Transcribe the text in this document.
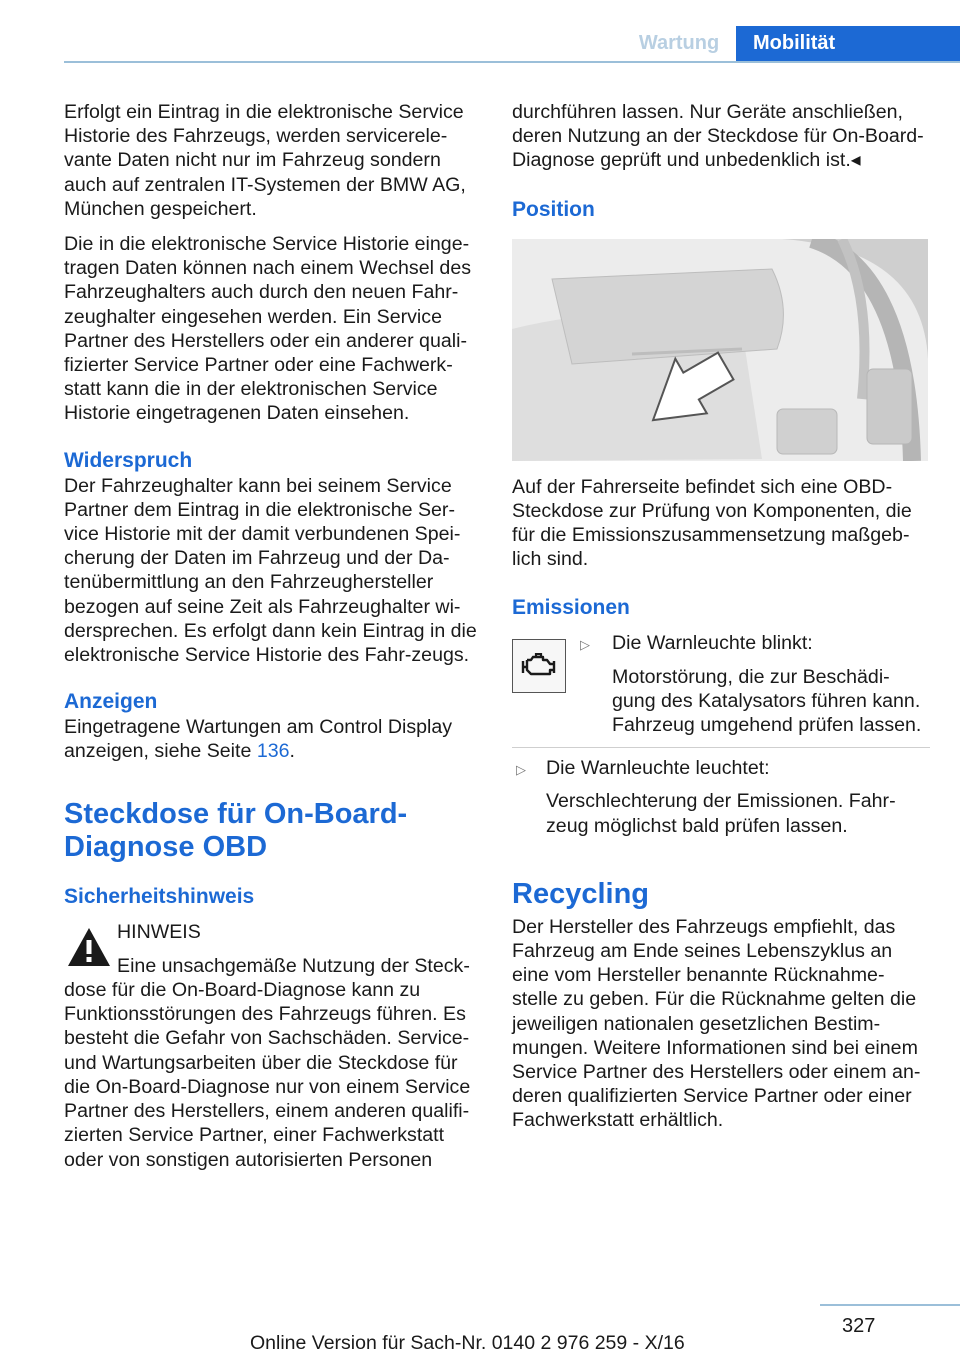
Wartung	Mobilität

Erfolgt ein Eintrag in die elektronische Service Historie des Fahrzeugs, werden servicerele-vante Daten nicht nur im Fahrzeug sondern auch auf zentralen IT-Systemen der BMW AG, München gespeichert.

Die in die elektronische Service Historie einge-tragen Daten können nach einem Wechsel des Fahrzeughalters auch durch den neuen Fahr-zeughalter eingesehen werden. Ein Service Partner des Herstellers oder ein anderer quali-fizierter Service Partner oder eine Fachwerk-statt kann die in der elektronischen Service Historie eingetragenen Daten einsehen.

Widerspruch

Der Fahrzeughalter kann bei seinem Service Partner dem Eintrag in die elektronische Ser-vice Historie mit der damit verbundenen Spei-cherung der Daten im Fahrzeug und der Da-tenübermittlung an den Fahrzeughersteller bezogen auf seine Zeit als Fahrzeughalter wi-dersprechen. Es erfolgt dann kein Eintrag in die elektronische Service Historie des Fahr-zeugs.

Anzeigen

Eingetragene Wartungen am Control Display anzeigen, siehe Seite 136.

Steckdose für On-Board-
Diagnose OBD
Sicherheitshinweis
HINWEIS
Eine unsachgemäße Nutzung der Steck-

dose für die On-Board-Diagnose kann zu Funktionsstörungen des Fahrzeugs führen. Es besteht die Gefahr von Sachschäden. Service- und Wartungsarbeiten über die Steckdose für die On-Board-Diagnose nur von einem Service Partner des Herstellers, einem anderen qualifi-zierten Service Partner, einer Fachwerkstatt oder von sonstigen autorisierten Personen

durchführen lassen. Nur Geräte anschließen, deren Nutzung an der Steckdose für On-Board-Diagnose geprüft und unbedenklich ist.◂

Position

Auf der Fahrerseite befindet sich eine OBD-Steckdose zur Prüfung von Komponenten, die für die Emissionszusammensetzung maßgeb-lich sind.

Emissionen
▷ Die Warnleuchte blinkt:
Motorstörung, die zur Beschädi-gung des Katalysators führen kann. Fahrzeug umgehend prüfen lassen.
▷ Die Warnleuchte leuchtet:
Verschlechterung der Emissionen. Fahr-zeug möglichst bald prüfen lassen.
Recycling

Der Hersteller des Fahrzeugs empfiehlt, das Fahrzeug am Ende seines Lebenszyklus an eine vom Hersteller benannte Rücknahme-stelle zu geben. Für die Rücknahme gelten die jeweiligen nationalen gesetzlichen Bestim-mungen. Weitere Informationen sind bei einem Service Partner des Herstellers oder einem an-deren qualifizierten Service Partner oder einer Fachwerkstatt erhältlich.

327
Online Version für Sach-Nr. 0140 2 976 259 - X/16
